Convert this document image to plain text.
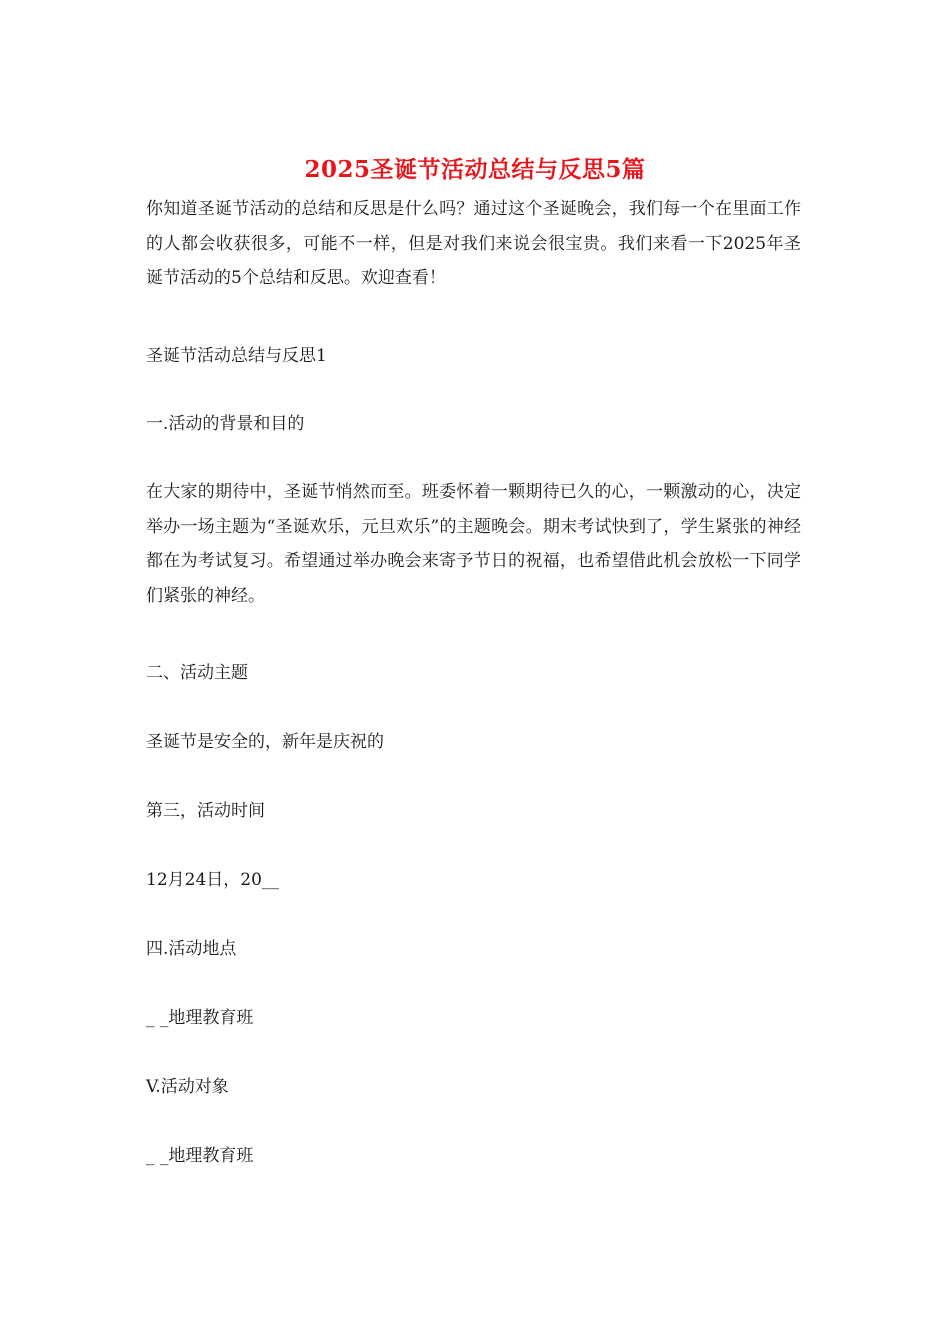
2025圣诞节活动总结与反思5篇

你知道圣诞节活动的总结和反思是什么吗？通过这个圣诞晚会，我们每一个在里面工作的人都会收获很多，可能不一样，但是对我们来说会很宝贵。我们来看一下2025年圣诞节活动的5个总结和反思。欢迎查看！

圣诞节活动总结与反思1

一.活动的背景和目的

在大家的期待中，圣诞节悄然而至。班委怀着一颗期待已久的心，一颗激动的心，决定举办一场主题为“圣诞欢乐，元旦欢乐”的主题晚会。期末考试快到了，学生紧张的神经都在为考试复习。希望通过举办晚会来寄予节日的祝福，也希望借此机会放松一下同学们紧张的神经。

二、活动主题

圣诞节是安全的，新年是庆祝的

第三，活动时间

12月24日，20__

四.活动地点

_ _地理教育班

V.活动对象

_ _地理教育班
